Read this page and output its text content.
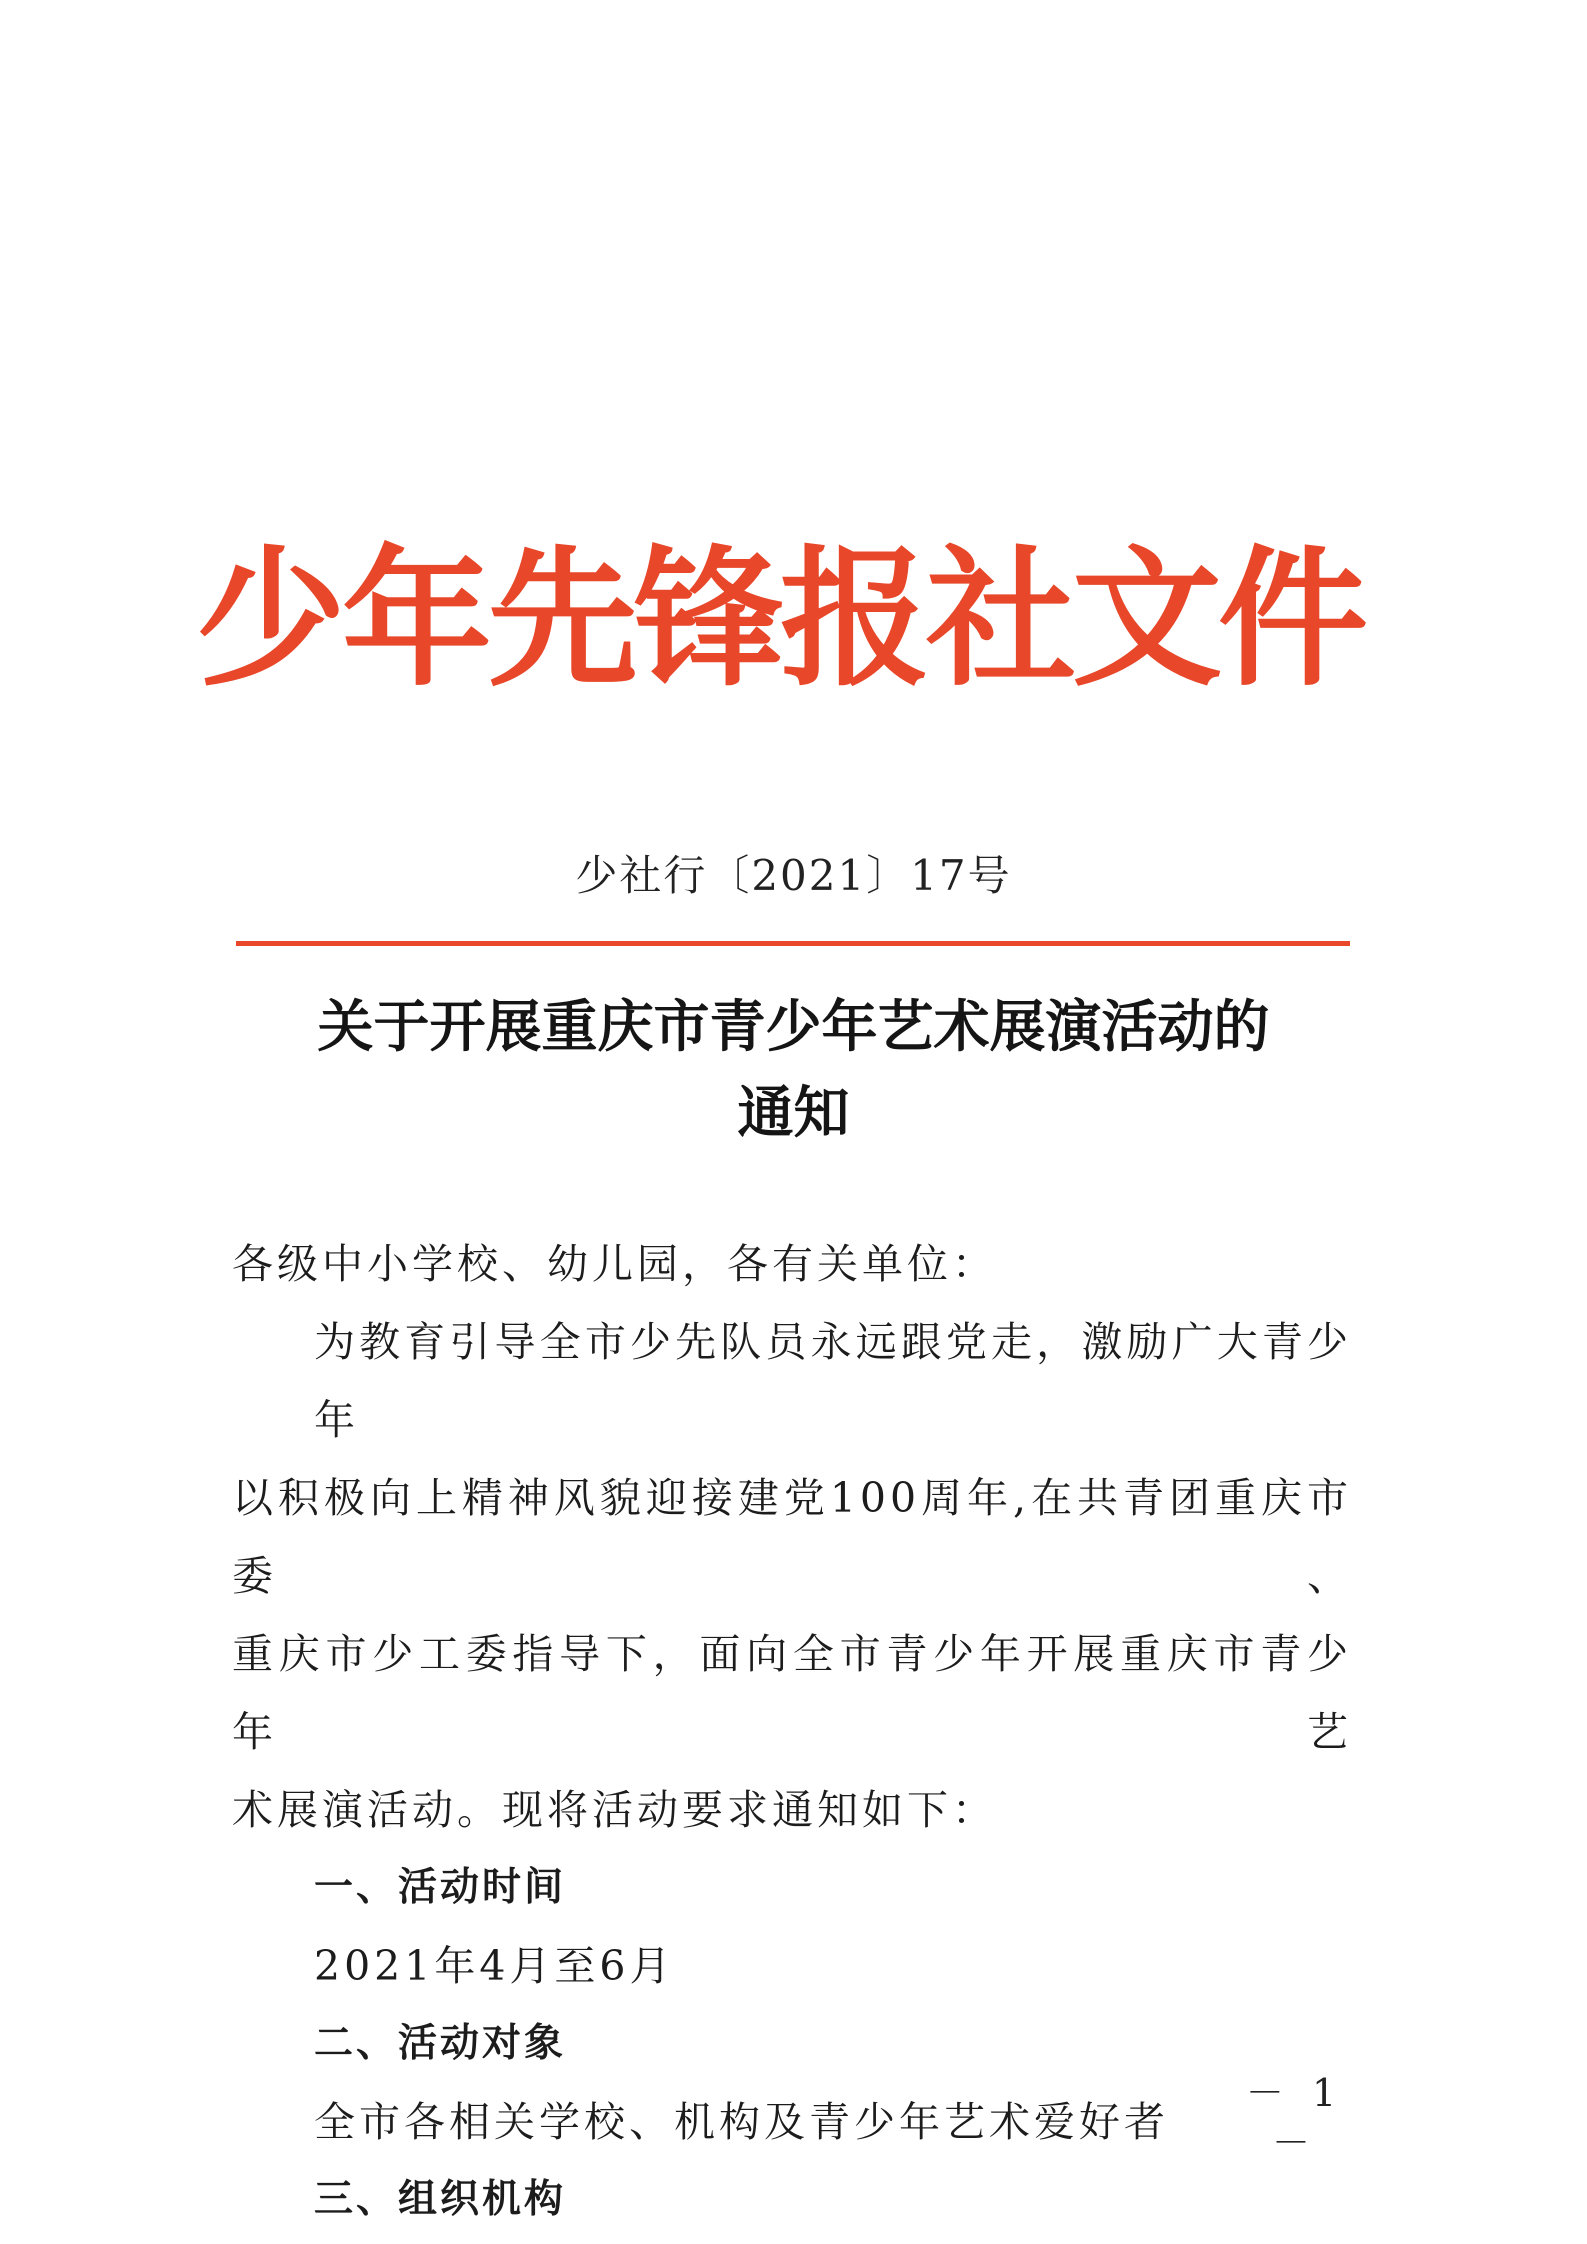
少年先锋报社文件
少社行〔2021〕17号
关于开展重庆市青少年艺术展演活动的
通知
各级中小学校、幼儿园，各有关单位：
为教育引导全市少先队员永远跟党走，激励广大青少年
以积极向上精神风貌迎接建党100周年,在共青团重庆市委、
重庆市少工委指导下，面向全市青少年开展重庆市青少年艺
术展演活动。现将活动要求通知如下：
一、活动时间
2021年4月至6月
二、活动对象
全市各相关学校、机构及青少年艺术爱好者
三、组织机构
－ 1 －
